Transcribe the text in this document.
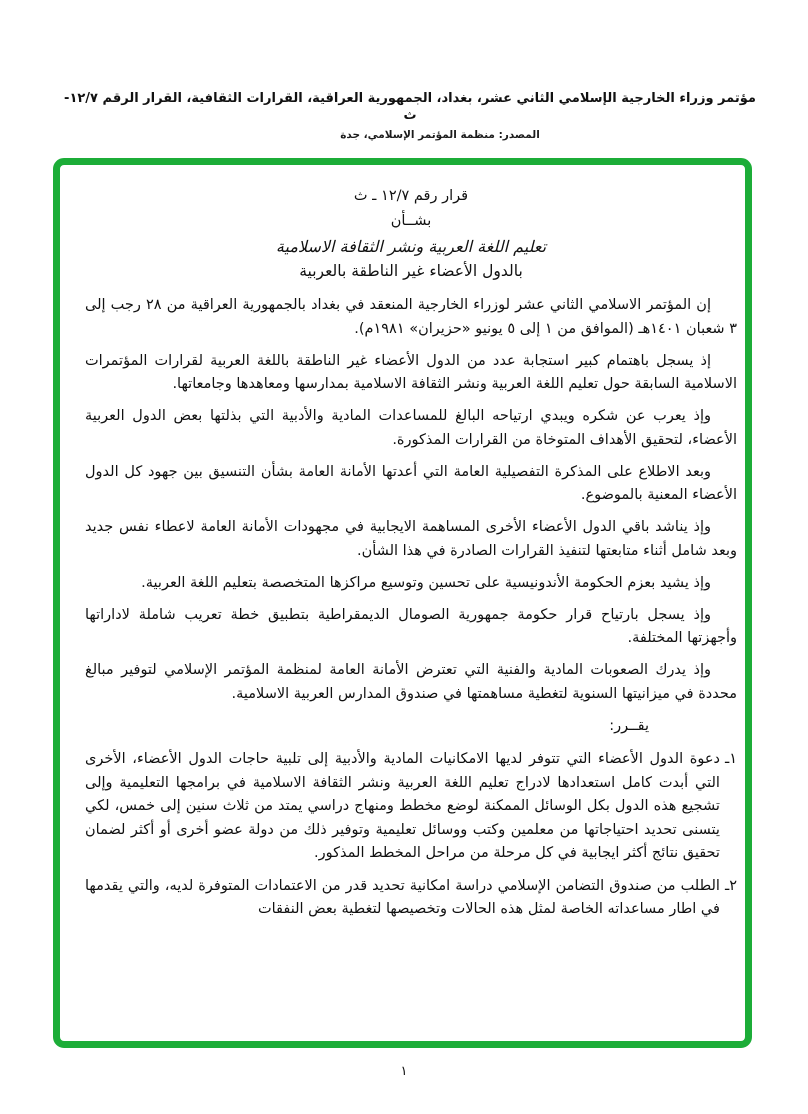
مؤتمر وزراء الخارجية الإسلامي الثاني عشر، بغداد، الجمهورية العراقية، القرارات الثقافية، القرار الرقم ١٢/٧- ث
المصدر: منظمة المؤتمر الإسلامي، جدة
قرار رقم ١٢/٧ ـ ث
بشــأن
تعليم اللغة العربية ونشر الثقافة الاسلامية
بالدول الأعضاء غير الناطقة بالعربية

إن المؤتمر الاسلامي الثاني عشر لوزراء الخارجية المنعقد في بغداد بالجمهورية العراقية من ٢٨ رجب إلى ٣ شعبان ١٤٠١هـ (الموافق من ١ إلى ٥ يونيو «حزيران» ١٩٨١م).

إذ يسجل باهتمام كبير استجابة عدد من الدول الأعضاء غير الناطقة باللغة العربية لقرارات المؤتمرات الاسلامية السابقة حول تعليم اللغة العربية ونشر الثقافة الاسلامية بمدارسها ومعاهدها وجامعاتها.

وإذ يعرب عن شكره ويبدي ارتياحه البالغ للمساعدات المادية والأدبية التي بذلتها بعض الدول العربية الأعضاء، لتحقيق الأهداف المتوخاة من القرارات المذكورة.

وبعد الاطلاع على المذكرة التفصيلية العامة التي أعدتها الأمانة العامة بشأن التنسيق بين جهود كل الدول الأعضاء المعنية بالموضوع.

وإذ يناشد باقي الدول الأعضاء الأخرى المساهمة الايجابية في مجهودات الأمانة العامة لاعطاء نفس جديد وبعد شامل أثناء متابعتها لتنفيذ القرارات الصادرة في هذا الشأن.

وإذ يشيد بعزم الحكومة الأندونيسية على تحسين وتوسيع مراكزها المتخصصة بتعليم اللغة العربية.

وإذ يسجل بارتياح قرار حكومة جمهورية الصومال الديمقراطية بتطبيق خطة تعريب شاملة لاداراتها وأجهزتها المختلفة.

وإذ يدرك الصعوبات المادية والفنية التي تعترض الأمانة العامة لمنظمة المؤتمر الإسلامي لتوفير مبالغ محددة في ميزانيتها السنوية لتغطية مساهمتها في صندوق المدارس العربية الاسلامية.

يقــرر:

١ـ
دعوة الدول الأعضاء التي تتوفر لديها الامكانيات المادية والأدبية إلى تلبية حاجات الدول الأعضاء، الأخرى التي أبدت كامل استعدادها لادراج تعليم اللغة العربية ونشر الثقافة الاسلامية في برامجها التعليمية وإلى تشجيع هذه الدول بكل الوسائل الممكنة لوضع مخطط ومنهاج دراسي يمتد من ثلاث سنين إلى خمس، لكي يتسنى تحديد احتياجاتها من معلمين وكتب ووسائل تعليمية وتوفير ذلك من دولة عضو أخرى أو أكثر لضمان تحقيق نتائج أكثر ايجابية في كل مرحلة من مراحل المخطط المذكور.
٢ـ
الطلب من صندوق التضامن الإسلامي دراسة امكانية تحديد قدر من الاعتمادات المتوفرة لديه، والتي يقدمها في اطار مساعداته الخاصة لمثل هذه الحالات وتخصيصها لتغطية بعض النفقات
١
